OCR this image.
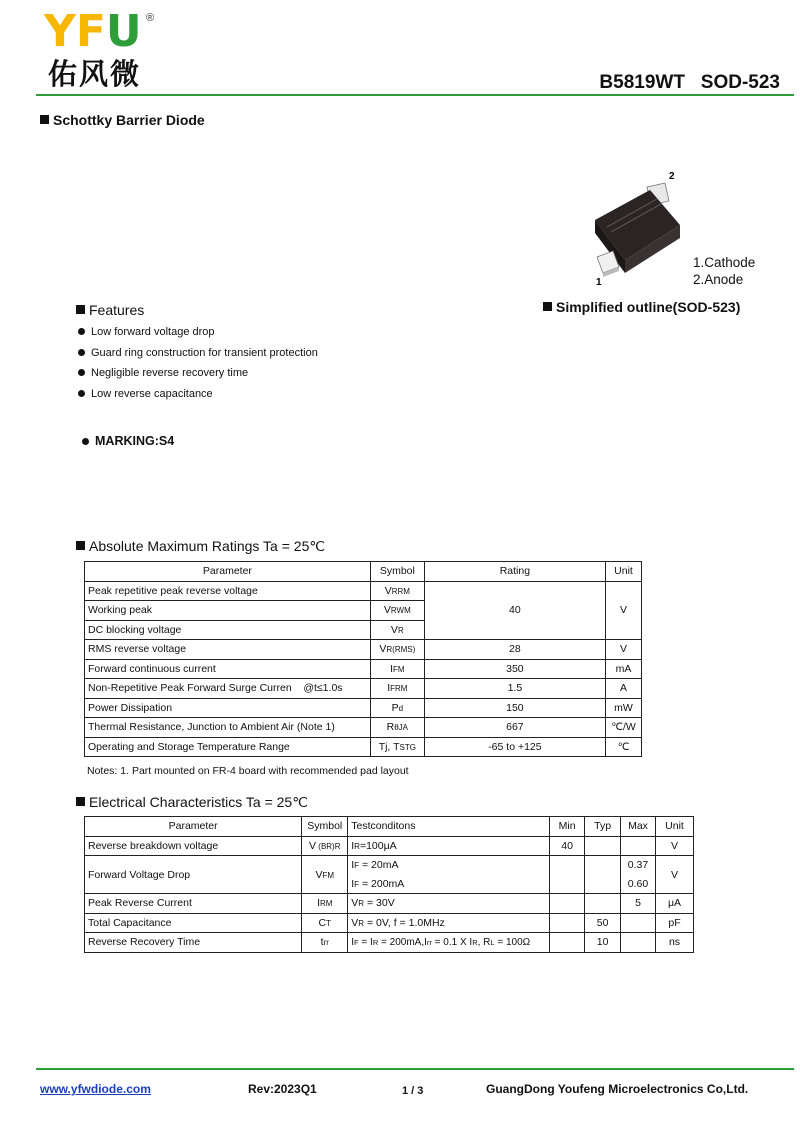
YFU ®
佑风微	B5819WT SOD-523
Schottky Barrier Diode
2
1
1.Cathode
2.Anode
Simplified outline(SOD-523)
Features
Low forward voltage drop
Guard ring construction for transient protection
Negligible reverse recovery time
Low reverse capacitance
MARKING:S4
Absolute Maximum Ratings Ta = 25℃
Parameter	Symbol	Rating	Unit
Peak repetitive peak reverse voltage	VRRM	40	V
Working peak	VRWM		
DC blocking voltage	VR		
RMS reverse voltage	VR(RMS)	28	V
Forward continuous current	IFM	350	mA
Non-Repetitive Peak Forward Surge Curren    @t≤1.0s	IFRM	1.5	A
Power Dissipation	Pd	150	mW
Thermal Resistance, Junction to Ambient Air (Note 1)	RθJA	667	℃/W
Operating and Storage Temperature Range	Tj, TSTG	-65 to +125	℃
Notes: 1. Part mounted on FR-4 board with recommended pad layout
Electrical Characteristics Ta = 25℃
Parameter	Symbol	Testconditons	Min	Typ	Max	Unit
Reverse breakdown voltage	V (BR)R	IR=100μA	40			V
Forward Voltage Drop	VFM	IF = 20mA			0.37	V
		IF = 200mA			0.60	
Peak Reverse Current	IRM	VR = 30V			5	μA
Total Capacitance	CT	VR = 0V, f = 1.0MHz		50		pF
Reverse Recovery Time	trr	IF = IR = 200mA,Irr = 0.1 X IR, RL = 100Ω		10		ns
www.yfwdiode.com	Rev:2023Q1	1 / 3	GuangDong Youfeng Microelectronics Co,Ltd.
